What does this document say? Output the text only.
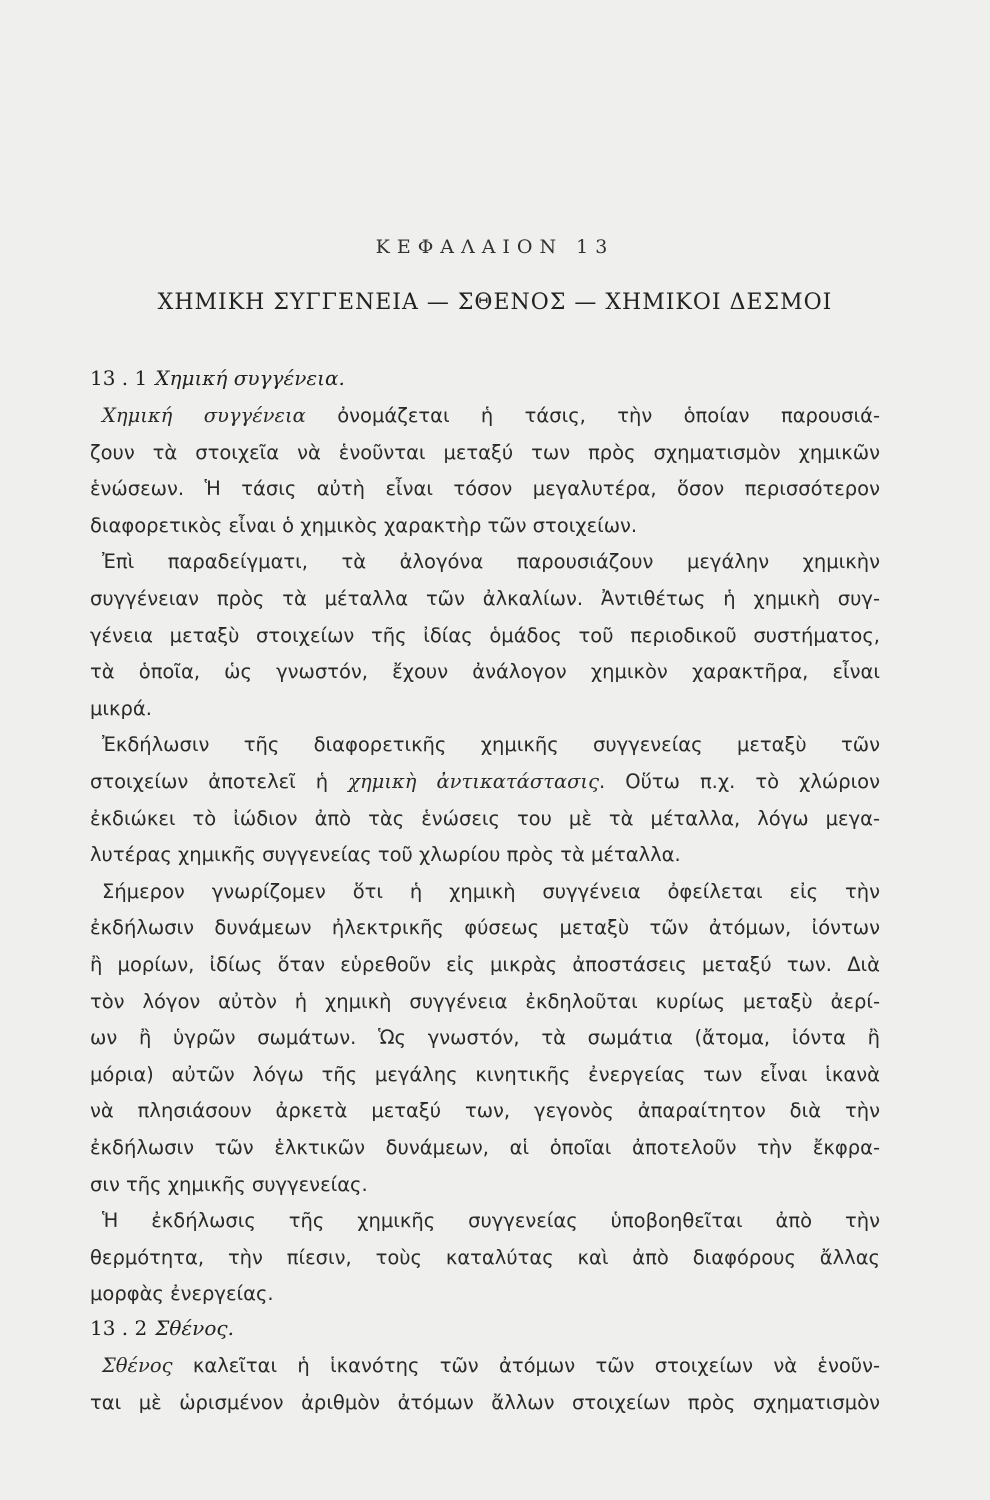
ΚΕΦΑΛΑΙΟΝ 13
ΧΗΜΙΚΗ ΣΥΓΓΕΝΕΙΑ — ΣΘΕΝΟΣ — ΧΗΜΙΚΟΙ ΔΕΣΜΟΙ
13 . 1 Χημική συγγένεια.
Χημική συγγένεια ὀνομάζεται ἡ τάσις, τὴν ὁποίαν παρουσιά-
ζουν τὰ στοιχεῖα νὰ ἑνοῦνται μεταξύ των πρὸς σχηματισμὸν χημικῶν
ἑνώσεων. Ἡ τάσις αὐτὴ εἶναι τόσον μεγαλυτέρα, ὅσον περισσότερον
διαφορετικὸς εἶναι ὁ χημικὸς χαρακτὴρ τῶν στοιχείων.
Ἐπὶ παραδείγματι, τὰ ἀλογόνα παρουσιάζουν μεγάλην χημικὴν
συγγένειαν πρὸς τὰ μέταλλα τῶν ἀλκαλίων. Ἀντιθέτως ἡ χημικὴ συγ-
γένεια μεταξὺ στοιχείων τῆς ἰδίας ὁμάδος τοῦ περιοδικοῦ συστήματος,
τὰ ὁποῖα, ὡς γνωστόν, ἔχουν ἀνάλογον χημικὸν χαρακτῆρα, εἶναι
μικρά.
Ἐκδήλωσιν τῆς διαφορετικῆς χημικῆς συγγενείας μεταξὺ τῶν
στοιχείων ἀποτελεῖ ἡ χημικὴ ἀντικατάστασις. Οὕτω π.χ. τὸ χλώριον
ἐκδιώκει τὸ ἰώδιον ἀπὸ τὰς ἑνώσεις του μὲ τὰ μέταλλα, λόγω μεγα-
λυτέρας χημικῆς συγγενείας τοῦ χλωρίου πρὸς τὰ μέταλλα.
Σήμερον γνωρίζομεν ὅτι ἡ χημικὴ συγγένεια ὀφείλεται εἰς τὴν
ἐκδήλωσιν δυνάμεων ἠλεκτρικῆς φύσεως μεταξὺ τῶν ἀτόμων, ἰόντων
ἢ μορίων, ἰδίως ὅταν εὑρεθοῦν εἰς μικρὰς ἀποστάσεις μεταξύ των. Διὰ
τὸν λόγον αὐτὸν ἡ χημικὴ συγγένεια ἐκδηλοῦται κυρίως μεταξὺ ἀερί-
ων ἢ ὑγρῶν σωμάτων. Ὡς γνωστόν, τὰ σωμάτια (ἄτομα, ἰόντα ἢ
μόρια) αὐτῶν λόγω τῆς μεγάλης κινητικῆς ἐνεργείας των εἶναι ἱκανὰ
νὰ πλησιάσουν ἀρκετὰ μεταξύ των, γεγονὸς ἀπαραίτητον διὰ τὴν
ἐκδήλωσιν τῶν ἑλκτικῶν δυνάμεων, αἱ ὁποῖαι ἀποτελοῦν τὴν ἔκφρα-
σιν τῆς χημικῆς συγγενείας.
Ἡ ἐκδήλωσις τῆς χημικῆς συγγενείας ὑποβοηθεῖται ἀπὸ τὴν
θερμότητα, τὴν πίεσιν, τοὺς καταλύτας καὶ ἀπὸ διαφόρους ἄλλας
μορφὰς ἐνεργείας.
13 . 2 Σθένος.
Σθένος καλεῖται ἡ ἱκανότης τῶν ἀτόμων τῶν στοιχείων νὰ ἑνοῦν-
ται μὲ ὡρισμένον ἀριθμὸν ἀτόμων ἄλλων στοιχείων πρὸς σχηματισμὸν
